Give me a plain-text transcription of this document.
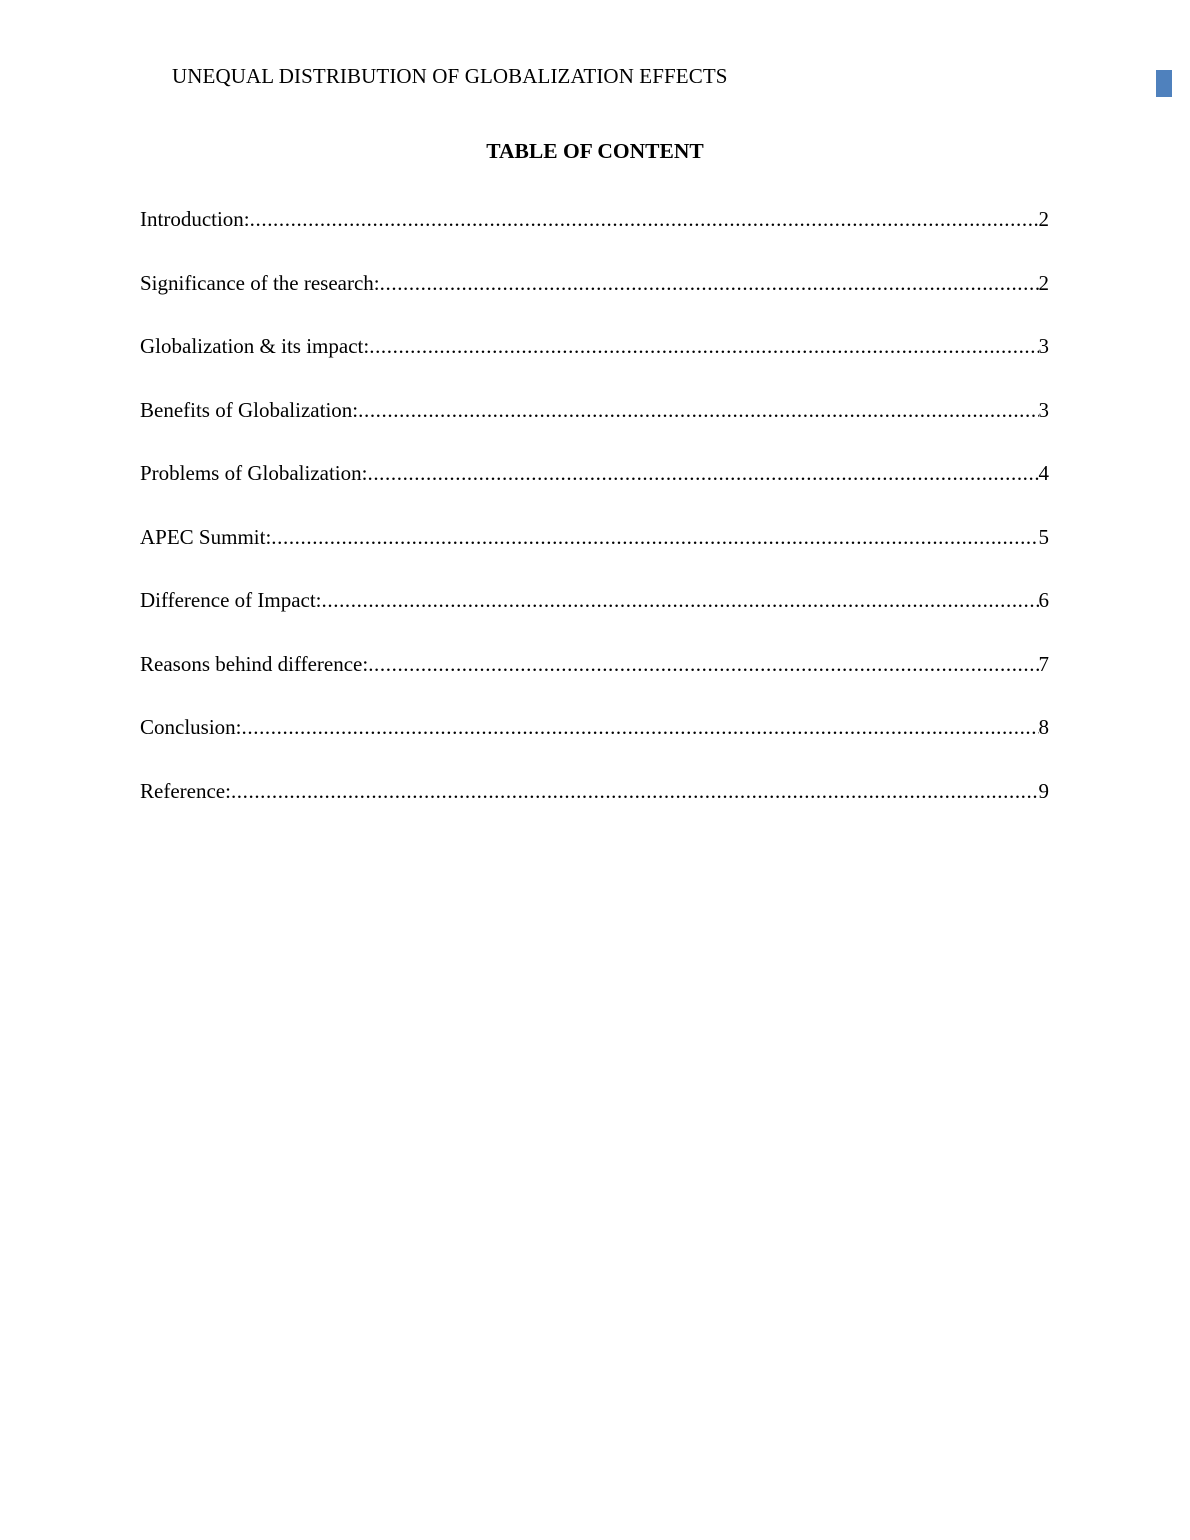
UNEQUAL DISTRIBUTION OF GLOBALIZATION EFFECTS
TABLE OF CONTENT
Introduction: .....	2
Significance of the research: .....	2
Globalization & its impact: .....	3
Benefits of Globalization: .....	3
Problems of Globalization: .....	4
APEC Summit: .....	5
Difference of Impact: .....	6
Reasons behind difference: .....	7
Conclusion: .....	8
Reference: .....	9
